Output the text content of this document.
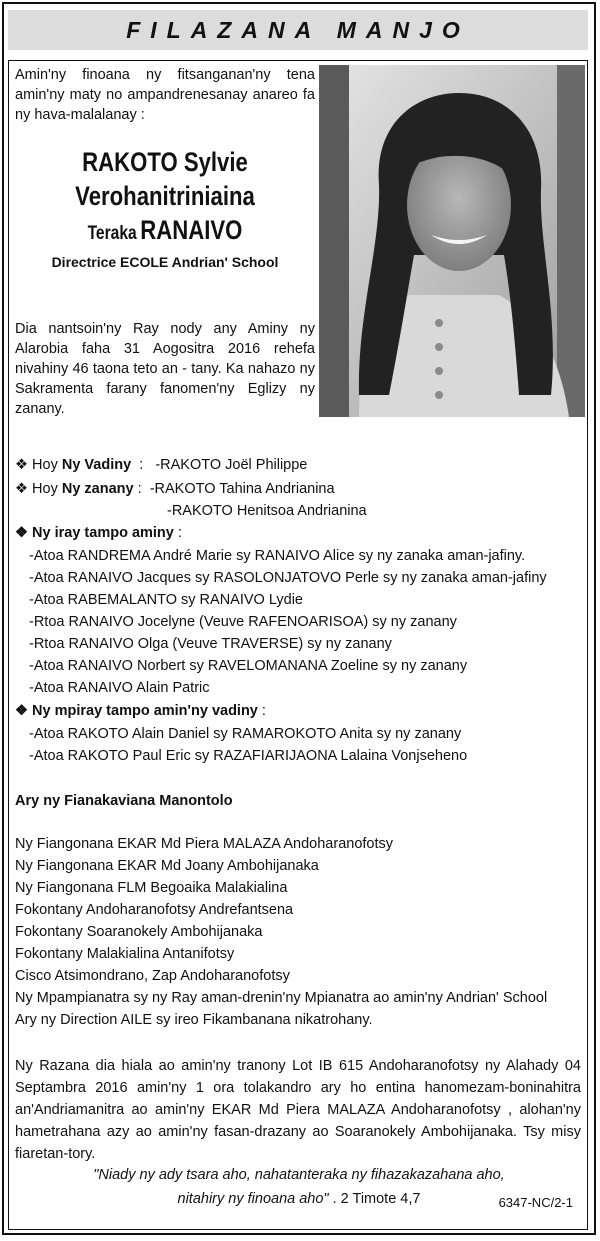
FILAZANA MANJO
Amin'ny finoana ny fitsanganan'ny tena amin'ny maty no ampandrenesanay anareo fa ny hava-malalanay :
RAKOTO Sylvie
Verohanitriniaina
Teraka RANAIVO
Directrice ECOLE Andrian' School
Dia nantsoin'ny Ray nody any Aminy ny Alarobia faha 31 Aogositra 2016 rehefa nivahiny 46 taona teto an - tany. Ka nahazo ny Sakramenta farany fanomen'ny Eglizy ny zanany.
❖ Hoy Ny Vadiny  :   -RAKOTO Joël Philippe
❖ Hoy Ny zanany :  -RAKOTO Tahina Andrianina
-RAKOTO Henitsoa Andrianina
❖ Ny iray tampo aminy :
-Atoa RANDREMA André Marie sy RANAIVO Alice sy ny zanaka aman-jafiny.
-Atoa RANAIVO Jacques sy RASOLONJATOVO Perle sy ny zanaka aman-jafiny
-Atoa RABEMALANTO sy RANAIVO Lydie
-Rtoa RANAIVO Jocelyne (Veuve RAFENOARISOA) sy ny zanany
-Rtoa RANAIVO Olga (Veuve TRAVERSE) sy ny zanany
-Atoa RANAIVO Norbert sy RAVELOMANANA Zoeline sy ny zanany
-Atoa RANAIVO Alain Patric
❖ Ny mpiray tampo amin'ny vadiny :
-Atoa RAKOTO Alain Daniel sy RAMAROKOTO Anita sy ny zanany
-Atoa RAKOTO Paul Eric sy RAZAFIARIJAONA Lalaina Vonjseheno
Ary ny Fianakaviana Manontolo
Ny Fiangonana EKAR Md Piera MALAZA Andoharanofotsy
Ny Fiangonana EKAR Md Joany Ambohijanaka
Ny Fiangonana FLM Begoaika Malakialina
Fokontany Andoharanofotsy Andrefantsena
Fokontany Soaranokely Ambohijanaka
Fokontany Malakialina Antanifotsy
Cisco Atsimondrano, Zap Andoharanofotsy
Ny Mpampianatra sy ny Ray aman-drenin'ny Mpianatra ao amin'ny Andrian' School
Ary ny Direction AILE sy ireo Fikambanana nikatrohany.
Ny Razana dia hiala ao amin'ny tranony Lot IB 615 Andoharanofotsy ny Alahady 04 Septambra 2016 amin'ny 1 ora tolakandro ary ho entina hanomezam-boninahitra an'Andriamanitra ao amin'ny EKAR Md Piera MALAZA Andoharanofotsy , alohan'ny hametrahana azy ao amin'ny fasan-drazany ao Soaranokely Ambohijanaka. Tsy misy fiaretan-tory.
"Niady ny ady tsara aho, nahatanteraka ny fihazakazahana aho,
nitahiry ny finoana aho" . 2 Timote 4,7	6347-NC/2-1
